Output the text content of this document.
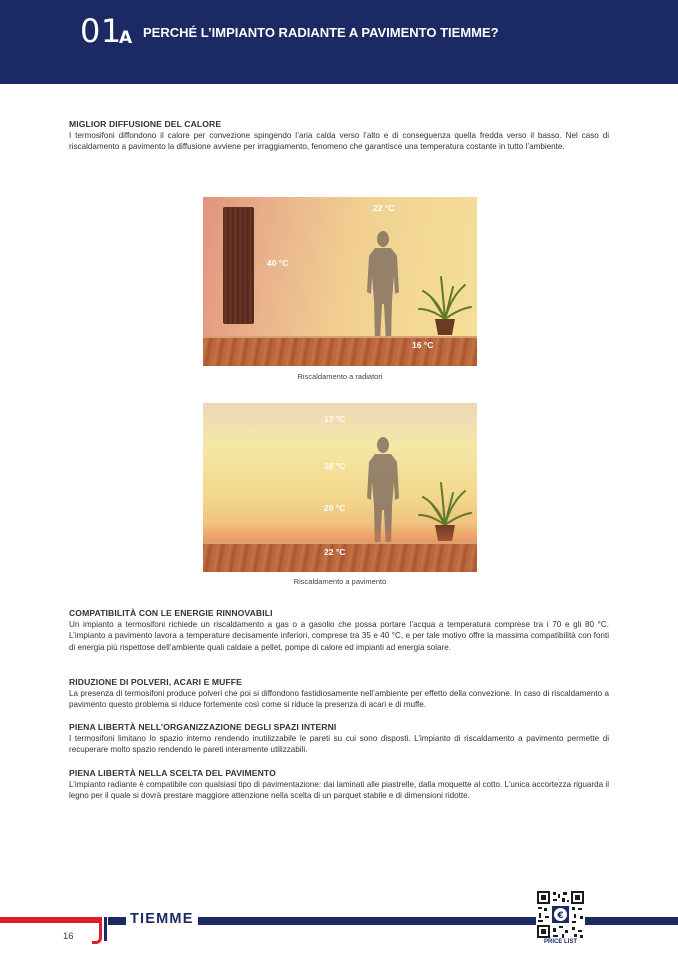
01
A PERCHÉ L’IMPIANTO RADIANTE A PAVIMENTO TIEMME?
MIGLIOR DIFFUSIONE DEL CALORE

I termosifoni diffondono il calore per convezione spingendo l’aria calda verso l’alto e di conseguenza quella fredda verso il basso. Nel caso di riscaldamento a pavimento la diffusione avviene per irraggiamento, fenomeno che garantisce una temperatura costante in tutto l’ambiente.

22 °C
40 °C
16 °C
Riscaldamento a radiatori
17 °C
18 °C
20 °C
22 °C
Riscaldamento a pavimento
COMPATIBILITÀ CON LE ENERGIE RINNOVABILI

Un impianto a termosifoni richiede un riscaldamento a gas o a gasolio che possa portare l’acqua a temperatura comprese tra i 70 e gli 80 °C. L’impianto a pavimento lavora a temperature decisamente inferiori, comprese tra 35 e 40 °C, e per tale motivo offre la massima compatibilità con fonti di energia più rispettose dell’ambiente quali caldaie a pellet, pompe di calore ed impianti ad energia solare.

RIDUZIONE DI POLVERI, ACARI E MUFFE

La presenza di termosifoni produce polveri che poi si diffondono fastidiosamente nell’ambiente per effetto della convezione. In caso di riscaldamento a pavimento questo problema si riduce fortemente così come si riduce la presenza di acari e di muffe.

PIENA LIBERTÀ NELL’ORGANIZZAZIONE DEGLI SPAZI INTERNI

I termosifoni limitano lo spazio interno rendendo inutilizzabile le pareti su cui sono disposti. L’impianto di riscaldamento a pavimento permette di recuperare molto spazio rendendo le pareti interamente utilizzabili.

PIENA LIBERTÀ NELLA SCELTA DEL PAVIMENTO

L’impianto radiante è compatibile con qualsiasi tipo di pavimentazione: dai laminati alle piastrelle, dalla moquette al cotto. L’unica accortezza riguarda il legno per il quale si dovrà prestare maggiore attenzione nella scelta di un parquet stabile e di dimensioni ridotte.

TIEMME
16
€
PRICE LIST
